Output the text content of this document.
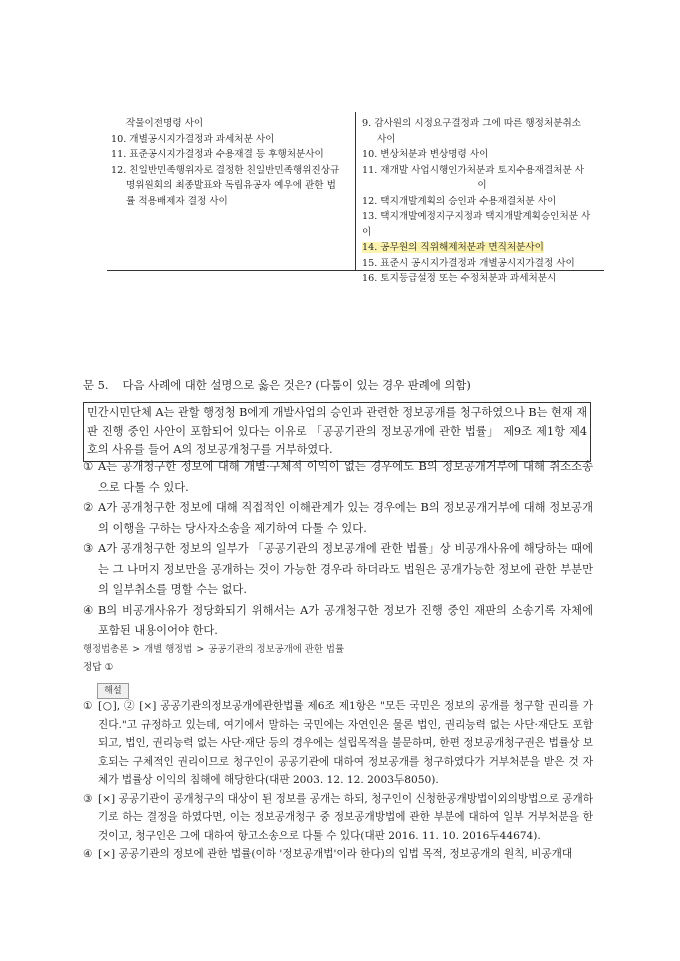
작물이전명령 사이
10. 개별공시지가결정과 과세처분 사이
11. 표준공시지가결정과 수용재결 등 후행처분사이
12. 친일반민족행위자로 결정한 친일반민족행위진상규
명위원회의 최종발표와 독립유공자 예우에 관한 법
률 적용배제자 결정 사이
9. 감사원의 시정요구결정과 그에 따른 행정처분취소
사이
10. 변상처분과 변상명령 사이
11. 재개발 사업시행인가처분과 토지수용재결처분 사
이
12. 택지개발계획의 승인과 수용재결처분 사이
13. 택지개발예정지구지정과 택지개발계획승인처분 사
이
14. 공무원의 직위해제처분과 면직처분사이
15. 표준시 공시지가결정과 개별공시지가결정 사이
16. 토지등급설정 또는 수정처분과 과세처분시
문 5. 다음 사례에 대한 설명으로 옳은 것은? (다툼이 있는 경우 판례에 의함)
민간시민단체 A는 관할 행정청 B에게 개발사업의 승인과 관련한 정보공개를 청구하였으나 B는 현재 재판 진행 중인 사안이 포함되어 있다는 이유로 「공공기관의 정보공개에 관한 법률」 제9조 제1항 제4호의 사유를 들어 A의 정보공개청구를 거부하였다.

① A는 공개청구한 정보에 대해 개별·구체적 이익이 없는 경우에도 B의 정보공개거부에 대해 취소소송으로 다툴 수 있다.

② A가 공개청구한 정보에 대해 직접적인 이해관계가 있는 경우에는 B의 정보공개거부에 대해 정보공개의 이행을 구하는 당사자소송을 제기하여 다툴 수 있다.

③ A가 공개청구한 정보의 일부가 「공공기관의 정보공개에 관한 법률」상 비공개사유에 해당하는 때에는 그 나머지 정보만을 공개하는 것이 가능한 경우라 하더라도 법원은 공개가능한 정보에 관한 부분만의 일부취소를 명할 수는 없다.

④ B의 비공개사유가 정당화되기 위해서는 A가 공개청구한 정보가 진행 중인 재판의 소송기록 자체에 포함된 내용이어야 한다.

행정법총론 > 개별 행정법 > 공공기관의 정보공개에 관한 법률
정답 ①
해설

① [○], ② [×] 공공기관의정보공개에관한법률 제6조 제1항은 "모든 국민은 정보의 공개를 청구할 권리를 가진다."고 규정하고 있는데, 여기에서 말하는 국민에는 자연인은 물론 법인, 권리능력 없는 사단·재단도 포함되고, 법인, 권리능력 없는 사단·재단 등의 경우에는 설립목적을 불문하며, 한편 정보공개청구권은 법률상 보호되는 구체적인 권리이므로 청구인이 공공기관에 대하여 정보공개를 청구하였다가 거부처분을 받은 것 자체가 법률상 이익의 침해에 해당한다(대판 2003. 12. 12. 2003두8050).

③ [×] 공공기관이 공개청구의 대상이 된 정보를 공개는 하되, 청구인이 신청한공개방법이외의방법으로 공개하기로 하는 결정을 하였다면, 이는 정보공개청구 중 정보공개방법에 관한 부분에 대하여 일부 거부처분을 한 것이고, 청구인은 그에 대하여 항고소송으로 다툴 수 있다(대판 2016. 11. 10. 2016두44674).

④ [×] 공공기관의 정보에 관한 법률(이하 '정보공개법'이라 한다)의 입법 목적, 정보공개의 원칙, 비공개대
